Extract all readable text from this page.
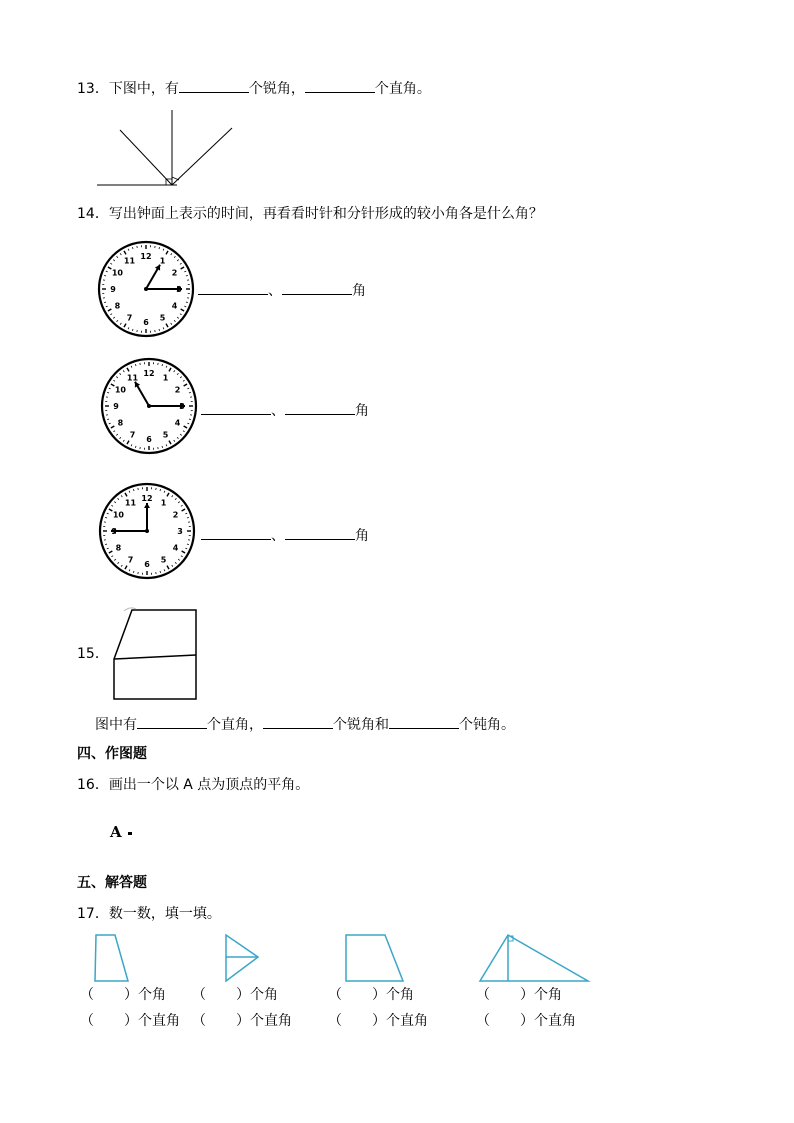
13．下图中，有	个锐角，	个直角。
14．写出钟面上表示的时间，再看看时针和分针形成的较小角各是什么角？
12 1
2
4
5
6
7
8
9
10
11
、	角
12 1
2
4
5
6
7
8
9
10
11
、	角
12 1
2
3
4
5
6
7
8
10
11
、	角
15．
图中有	个直角，	个锐角和	个钝角。
四、作图题
16．画出一个以 A 点为顶点的平角。
A
五、解答题
17．数一数，填一填。
（ ）个角 （ ）个角	（ ）个角	（ ）个角
（ ）个直角 （ ）个直角	（ ）个直角	（ ）个直角
